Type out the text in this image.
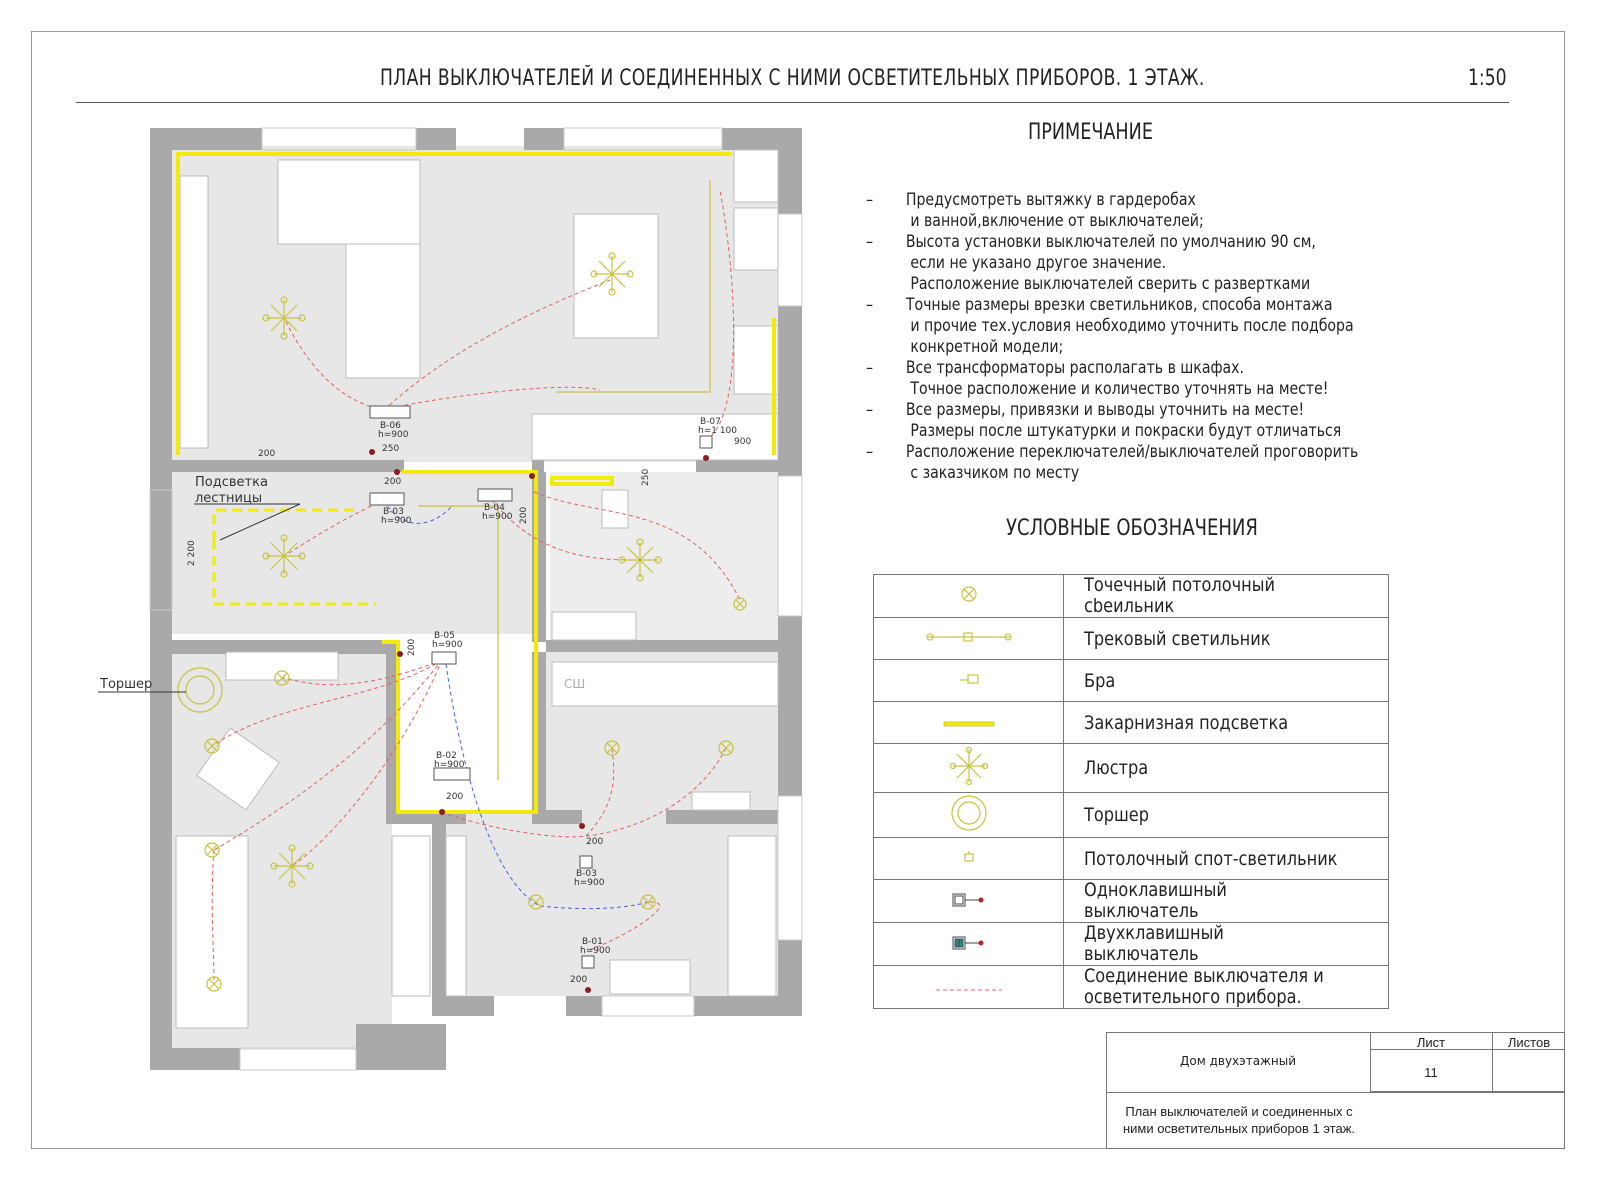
ПЛАН ВЫКЛЮЧАТЕЛЕЙ И СОЕДИНЕННЫХ С НИМИ ОСВЕТИТЕЛЬНЫХ ПРИБОРОВ. 1 ЭТАЖ.	1:50
В-06
h=900
В-07
h=1 100
В-03
h=900
В-04
h=900
В-05
h=900
В-02
h=900
В-03
h=900
В-01
h=900
250
200
900
250
200
2 200
200
200
200
200
200
Подсветка
лестницы
Торшер	СШ
ПРИМЕЧАНИЕ
– Предусмотреть вытяжку в гардеробах
и ванной,включение от выключателей;
– Высота установки выключателей по умолчанию 90 см,
если не указано другое значение.
Расположение выключателей сверить с развертками
– Точные размеры врезки светильников, способа монтажа
и прочие тех.условия необходимо уточнить после подбора
конкретной модели;
– Все трансформаторы располагать в шкафах.
Точное расположение и количество уточнять на месте!
– Все размеры, привязки и выводы уточнить на месте!
Размеры после штукатурки и покраски будут отличаться
– Расположение переключателей/выключателей проговорить
с заказчиком по месту
УСЛОВНЫЕ ОБОЗНАЧЕНИЯ
	Точечный потолочный сbеильник
	Трековый светильник
	Бра
	Закарнизная подсветка
	Люстра
	Торшер
	Потолочный спот-светильник
	Одноклавишный выключатель
	Двухклавишный выключатель
	Соединение выключателя и
осветительного прибора.
Дом двухэтажный
Лист	Листов
11
План выключателей и соединенных с
ними осветительных приборов 1 этаж.
